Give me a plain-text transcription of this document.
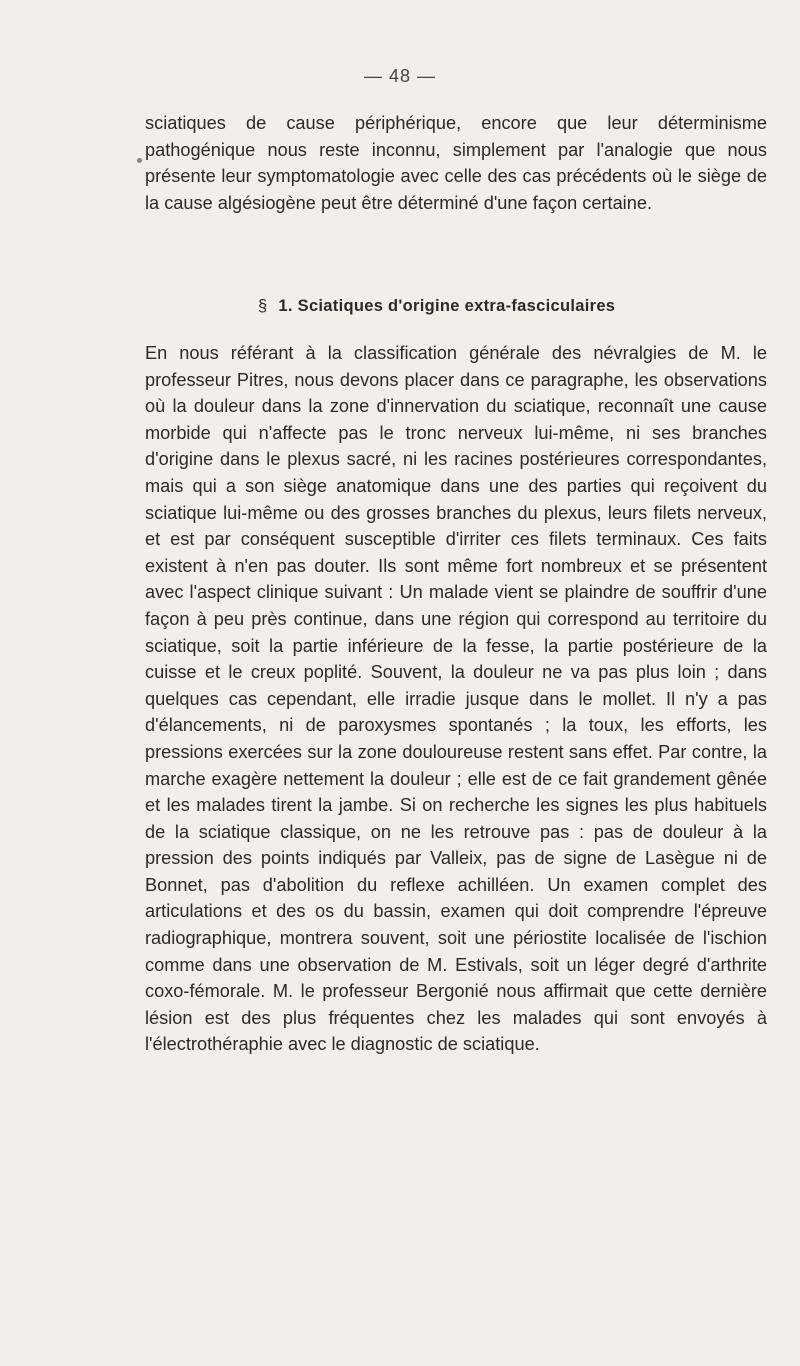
— 48 —

sciatiques de cause périphérique, encore que leur déterminisme pathogénique nous reste inconnu, simplement par l'analogie que nous présente leur symptomatologie avec celle des cas précédents où le siège de la cause algésiogène peut être déterminé d'une façon certaine.

§ 1. Sciatiques d'origine extra-fasciculaires

En nous référant à la classification générale des névralgies de M. le professeur Pitres, nous devons placer dans ce paragraphe, les observations où la douleur dans la zone d'innervation du sciatique, reconnaît une cause morbide qui n'affecte pas le tronc nerveux lui-même, ni ses branches d'origine dans le plexus sacré, ni les racines postérieures correspondantes, mais qui a son siège anatomique dans une des parties qui reçoivent du sciatique lui-même ou des grosses branches du plexus, leurs filets nerveux, et est par conséquent susceptible d'irriter ces filets terminaux. Ces faits existent à n'en pas douter. Ils sont même fort nombreux et se présentent avec l'aspect clinique suivant : Un malade vient se plaindre de souffrir d'une façon à peu près continue, dans une région qui correspond au territoire du sciatique, soit la partie inférieure de la fesse, la partie postérieure de la cuisse et le creux poplité. Souvent, la douleur ne va pas plus loin ; dans quelques cas cependant, elle irradie jusque dans le mollet. Il n'y a pas d'élancements, ni de paroxysmes spontanés ; la toux, les efforts, les pressions exercées sur la zone douloureuse restent sans effet. Par contre, la marche exagère nettement la douleur ; elle est de ce fait grandement gênée et les malades tirent la jambe. Si on recherche les signes les plus habituels de la sciatique classique, on ne les retrouve pas : pas de douleur à la pression des points indiqués par Valleix, pas de signe de Lasègue ni de Bonnet, pas d'abolition du reflexe achilléen. Un examen complet des articulations et des os du bassin, examen qui doit comprendre l'épreuve radiographique, montrera souvent, soit une périostite localisée de l'ischion comme dans une observation de M. Estivals, soit un léger degré d'arthrite coxo-fémorale. M. le professeur Bergonié nous affirmait que cette dernière lésion est des plus fréquentes chez les malades qui sont envoyés à l'électrothéraphie avec le diagnostic de sciatique.
